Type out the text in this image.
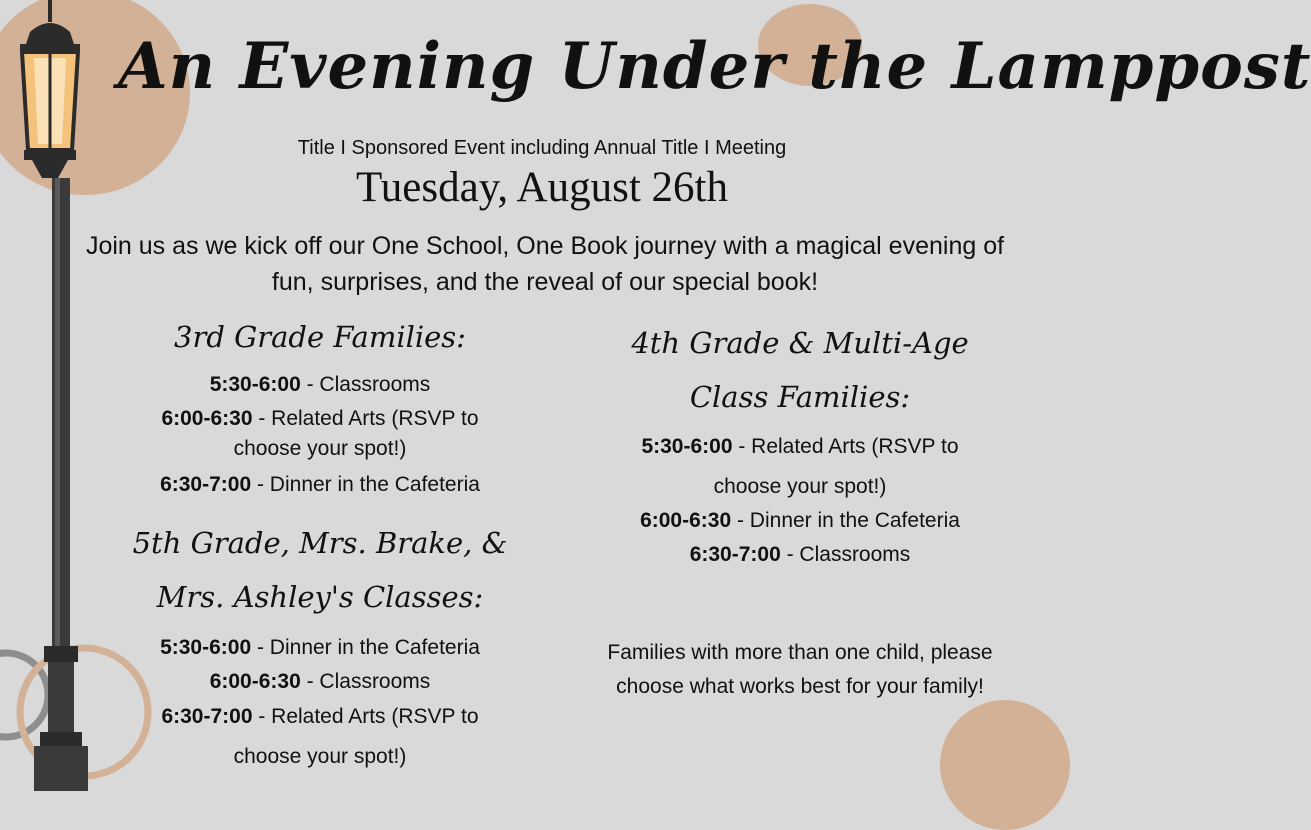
An Evening Under the Lamppost
Title I Sponsored Event including Annual Title I Meeting
Tuesday, August 26th
Join us as we kick off our One School, One Book journey with a magical evening of fun, surprises, and the reveal of our special book!
3rd Grade Families:
5:30-6:00 - Classrooms
6:00-6:30 - Related Arts (RSVP to
choose your spot!)
6:30-7:00 - Dinner in the Cafeteria
5th Grade, Mrs. Brake, &
Mrs. Ashley's Classes:
5:30-6:00 - Dinner in the Cafeteria
6:00-6:30 - Classrooms
6:30-7:00 - Related Arts (RSVP to
choose your spot!)
4th Grade & Multi-Age
Class Families:
5:30-6:00 - Related Arts (RSVP to
choose your spot!)
6:00-6:30 - Dinner in the Cafeteria
6:30-7:00 - Classrooms
Families with more than one child, please choose what works best for your family!
